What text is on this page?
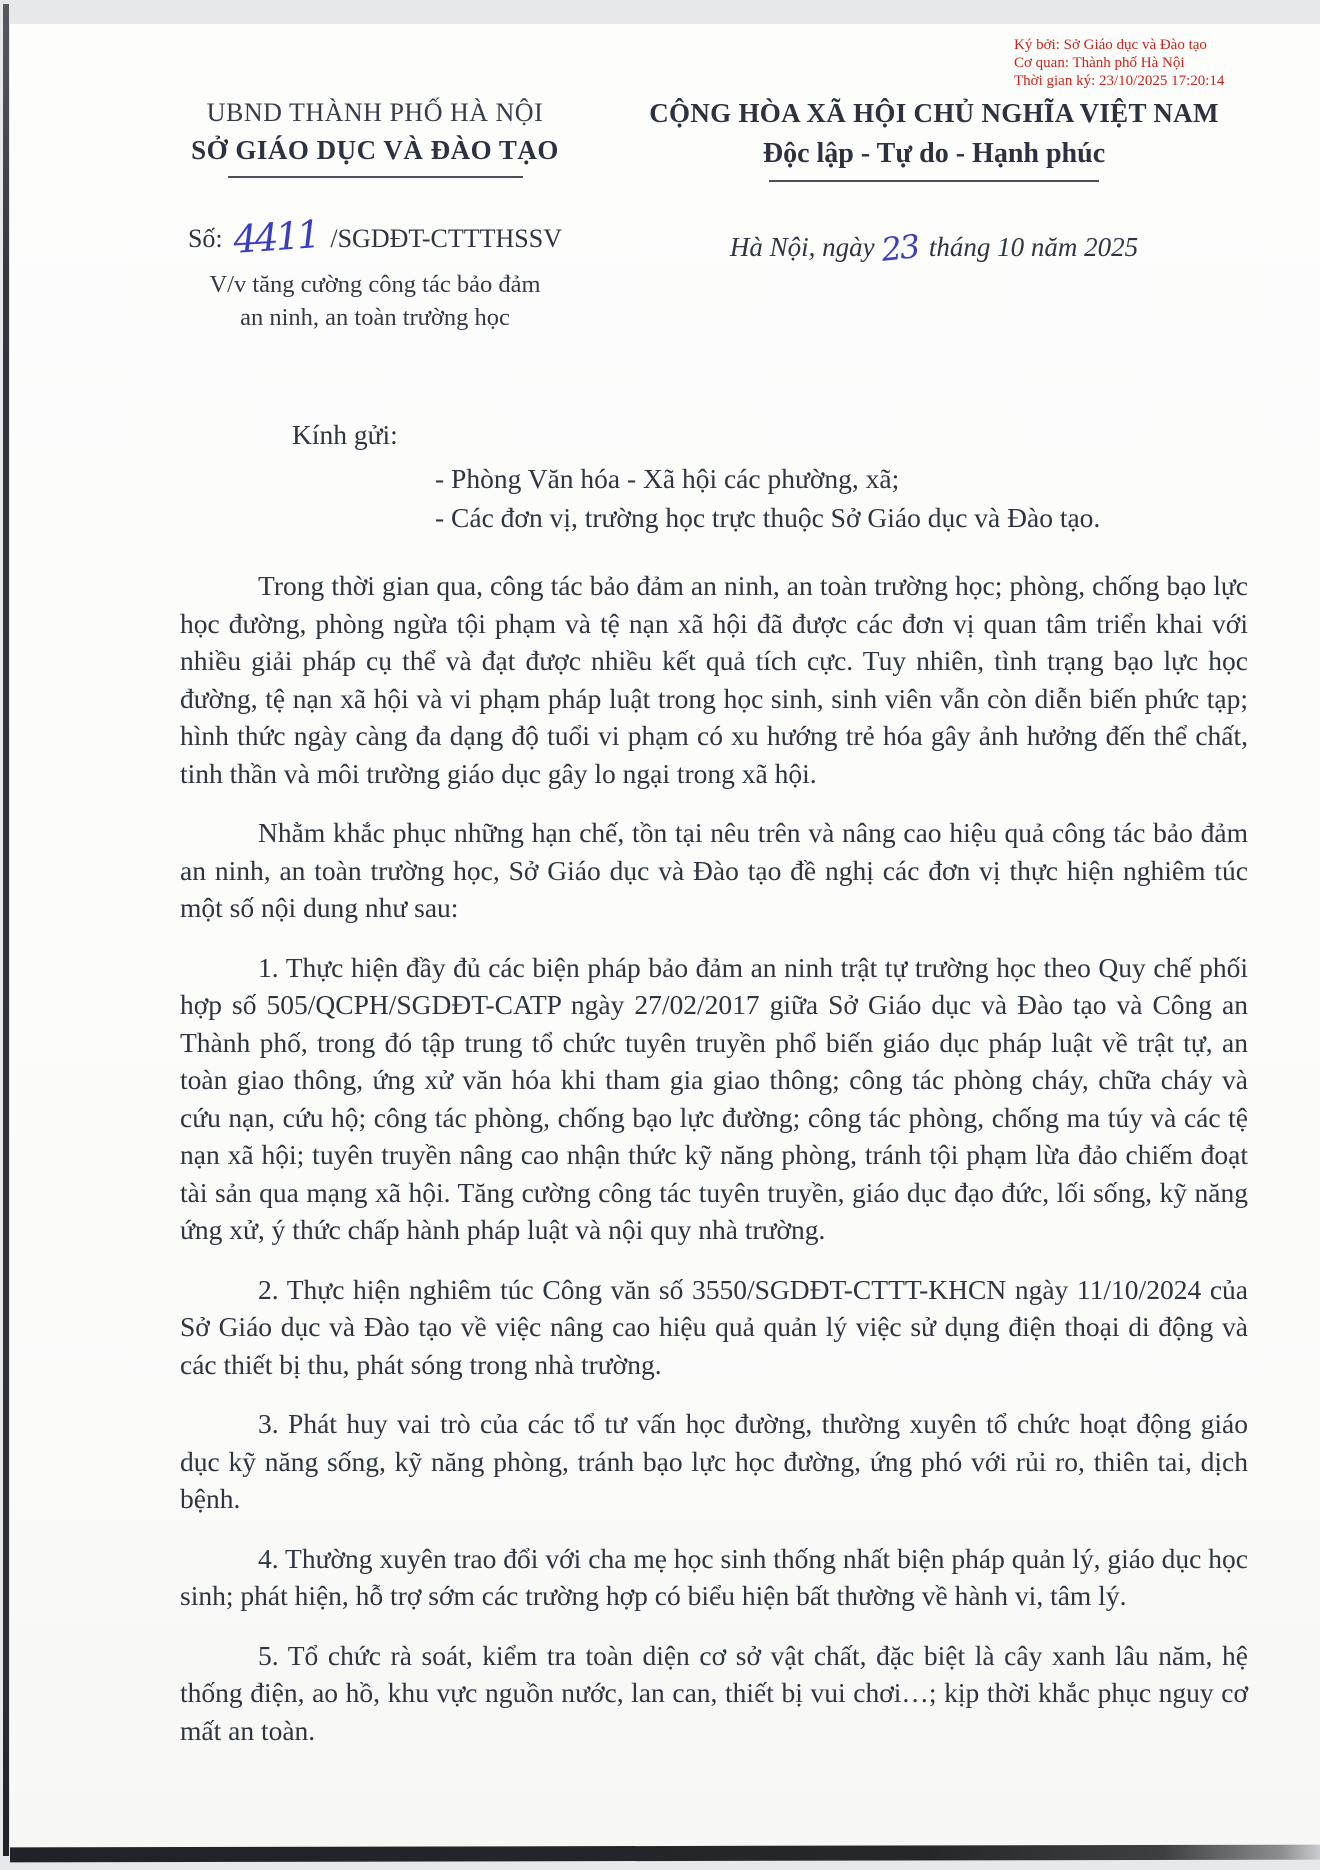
Ký bởi: Sở Giáo dục và Đào tạo
Cơ quan: Thành phố Hà Nội
Thời gian ký: 23/10/2025 17:20:14
UBND THÀNH PHỐ HÀ NỘI
SỞ GIÁO DỤC VÀ ĐÀO TẠO
Số: 4411 /SGDĐT-CTTTHSSV
V/v tăng cường công tác bảo đảm
an ninh, an toàn trường học
CỘNG HÒA XÃ HỘI CHỦ NGHĨA VIỆT NAM
Độc lập - Tự do - Hạnh phúc
Hà Nội, ngày 23 tháng 10 năm 2025
Kính gửi:
- Phòng Văn hóa - Xã hội các phường, xã;
- Các đơn vị, trường học trực thuộc Sở Giáo dục và Đào tạo.

Trong thời gian qua, công tác bảo đảm an ninh, an toàn trường học; phòng, chống bạo lực học đường, phòng ngừa tội phạm và tệ nạn xã hội đã được các đơn vị quan tâm triển khai với nhiều giải pháp cụ thể và đạt được nhiều kết quả tích cực. Tuy nhiên, tình trạng bạo lực học đường, tệ nạn xã hội và vi phạm pháp luật trong học sinh, sinh viên vẫn còn diễn biến phức tạp; hình thức ngày càng đa dạng độ tuổi vi phạm có xu hướng trẻ hóa gây ảnh hưởng đến thể chất, tinh thần và môi trường giáo dục gây lo ngại trong xã hội.

Nhằm khắc phục những hạn chế, tồn tại nêu trên và nâng cao hiệu quả công tác bảo đảm an ninh, an toàn trường học, Sở Giáo dục và Đào tạo đề nghị các đơn vị thực hiện nghiêm túc một số nội dung như sau:

1. Thực hiện đầy đủ các biện pháp bảo đảm an ninh trật tự trường học theo Quy chế phối hợp số 505/QCPH/SGDĐT-CATP ngày 27/02/2017 giữa Sở Giáo dục và Đào tạo và Công an Thành phố, trong đó tập trung tổ chức tuyên truyền phổ biến giáo dục pháp luật về trật tự, an toàn giao thông, ứng xử văn hóa khi tham gia giao thông; công tác phòng cháy, chữa cháy và cứu nạn, cứu hộ; công tác phòng, chống bạo lực đường; công tác phòng, chống ma túy và các tệ nạn xã hội; tuyên truyền nâng cao nhận thức kỹ năng phòng, tránh tội phạm lừa đảo chiếm đoạt tài sản qua mạng xã hội. Tăng cường công tác tuyên truyền, giáo dục đạo đức, lối sống, kỹ năng ứng xử, ý thức chấp hành pháp luật và nội quy nhà trường.

2. Thực hiện nghiêm túc Công văn số 3550/SGDĐT-CTTT-KHCN ngày 11/10/2024 của Sở Giáo dục và Đào tạo về việc nâng cao hiệu quả quản lý việc sử dụng điện thoại di động và các thiết bị thu, phát sóng trong nhà trường.

3. Phát huy vai trò của các tổ tư vấn học đường, thường xuyên tổ chức hoạt động giáo dục kỹ năng sống, kỹ năng phòng, tránh bạo lực học đường, ứng phó với rủi ro, thiên tai, dịch bệnh.

4. Thường xuyên trao đổi với cha mẹ học sinh thống nhất biện pháp quản lý, giáo dục học sinh; phát hiện, hỗ trợ sớm các trường hợp có biểu hiện bất thường về hành vi, tâm lý.

5. Tổ chức rà soát, kiểm tra toàn diện cơ sở vật chất, đặc biệt là cây xanh lâu năm, hệ thống điện, ao hồ, khu vực nguồn nước, lan can, thiết bị vui chơi…; kịp thời khắc phục nguy cơ mất an toàn.
